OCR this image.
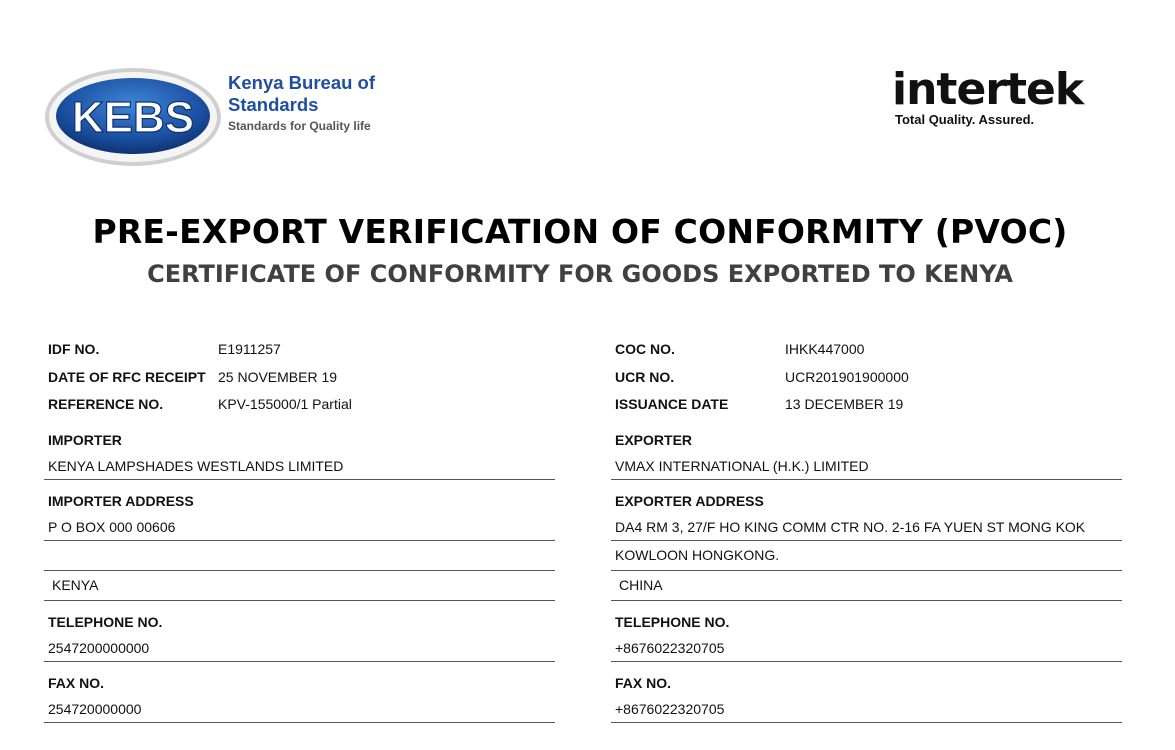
KEBS
Kenya Bureau of
Standards
Standards for Quality life
intertek
Total Quality. Assured.
PRE-EXPORT VERIFICATION OF CONFORMITY (PVOC)
CERTIFICATE OF CONFORMITY FOR GOODS EXPORTED TO KENYA
IDF NO.	E1911257
DATE OF RFC RECEIPT 25 NOVEMBER 19
REFERENCE NO.	KPV-155000/1 Partial
IMPORTER
KENYA LAMPSHADES WESTLANDS LIMITED
IMPORTER ADDRESS
P O BOX 000 00606
KENYA
TELEPHONE NO.
2547200000000
FAX NO.
254720000000
COC NO.	IHKK447000
UCR NO.	UCR201901900000
ISSUANCE DATE	13 DECEMBER 19
EXPORTER
VMAX INTERNATIONAL (H.K.) LIMITED
EXPORTER ADDRESS
DA4 RM 3, 27/F HO KING COMM CTR NO. 2-16 FA YUEN ST MONG KOK
KOWLOON HONGKONG.
CHINA
TELEPHONE NO.
+8676022320705
FAX NO.
+8676022320705
